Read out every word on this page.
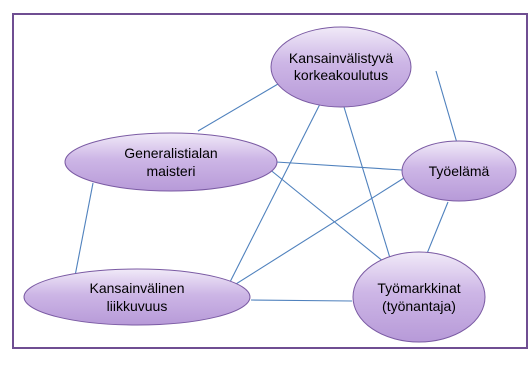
Kansainvälistyvä
korkeakoulutus
Generalistialan
maisteri	Työelämä
Kansainvälinen
liikkuvuus
Työmarkkinat
(työnantaja)
